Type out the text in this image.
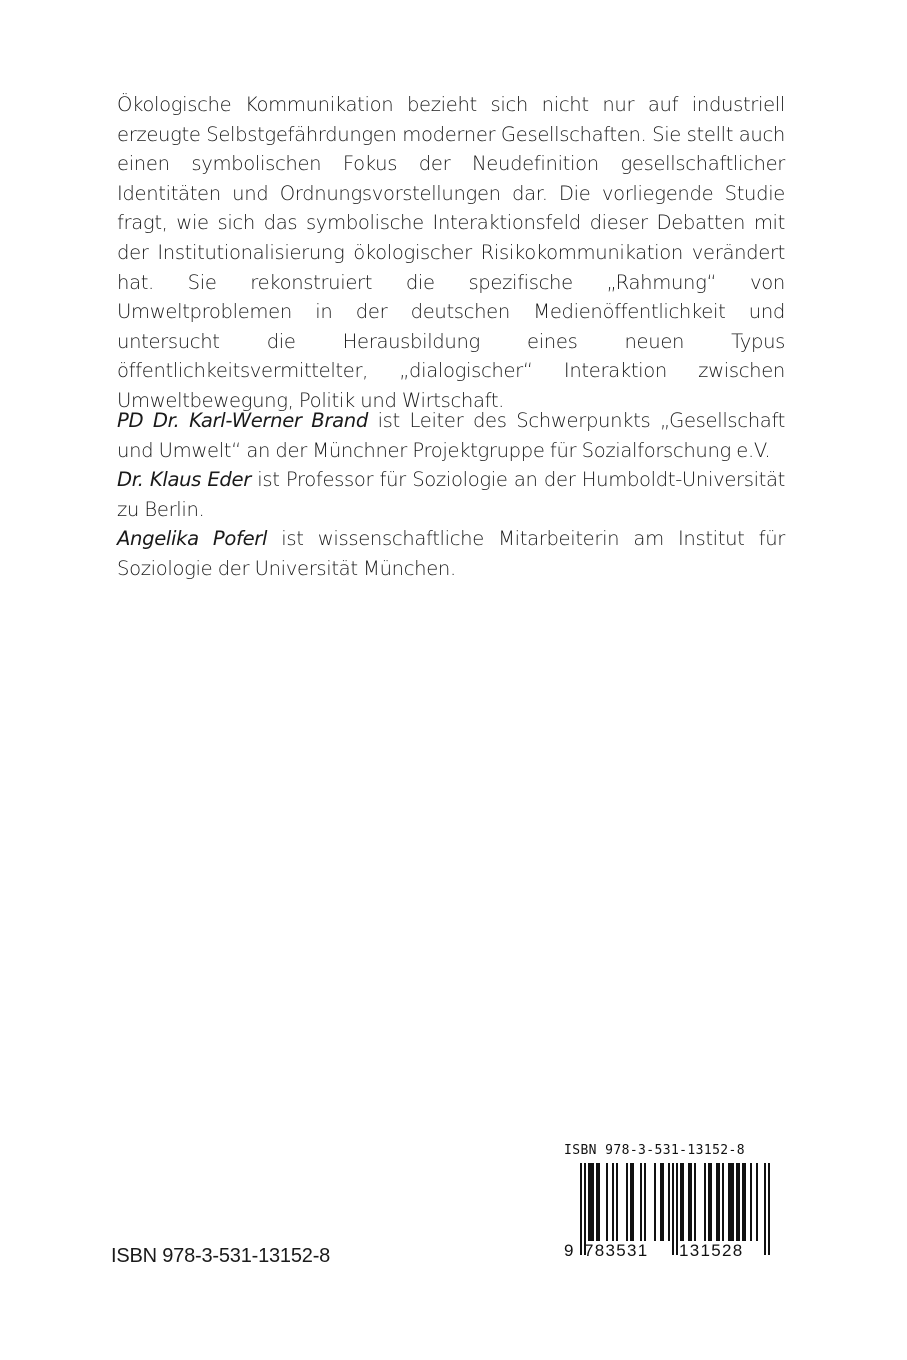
Ökologische Kommunikation bezieht sich nicht nur auf industriell erzeugte Selbstgefährdungen moderner Gesellschaften. Sie stellt auch einen symbolischen Fokus der Neudefinition gesellschaftlicher Identitäten und Ordnungsvorstellungen dar. Die vorliegende Studie fragt, wie sich das symbolische Interaktionsfeld dieser Debatten mit der Institutionalisierung ökologischer Risikokommunikation verändert hat. Sie rekonstruiert die spezifische „Rahmung“ von Umweltproblemen in der deutschen Medienöffentlichkeit und untersucht die Herausbildung eines neuen Typus öffentlichkeitsvermittelter, „dialogischer“ Interaktion zwischen Umweltbewegung, Politik und Wirtschaft.
PD Dr. Karl-Werner Brand ist Leiter des Schwerpunkts „Gesellschaft und Umwelt“ an der Münchner Projektgruppe für Sozialforschung e.V.
Dr. Klaus Eder ist Professor für Soziologie an der Humboldt-Universität zu Berlin.
Angelika Poferl ist wissenschaftliche Mitarbeiterin am Institut für Soziologie der Universität München.
ISBN 978-3-531-13152-8
ISBN 978-3-531-13152-8
9 783531 131528
